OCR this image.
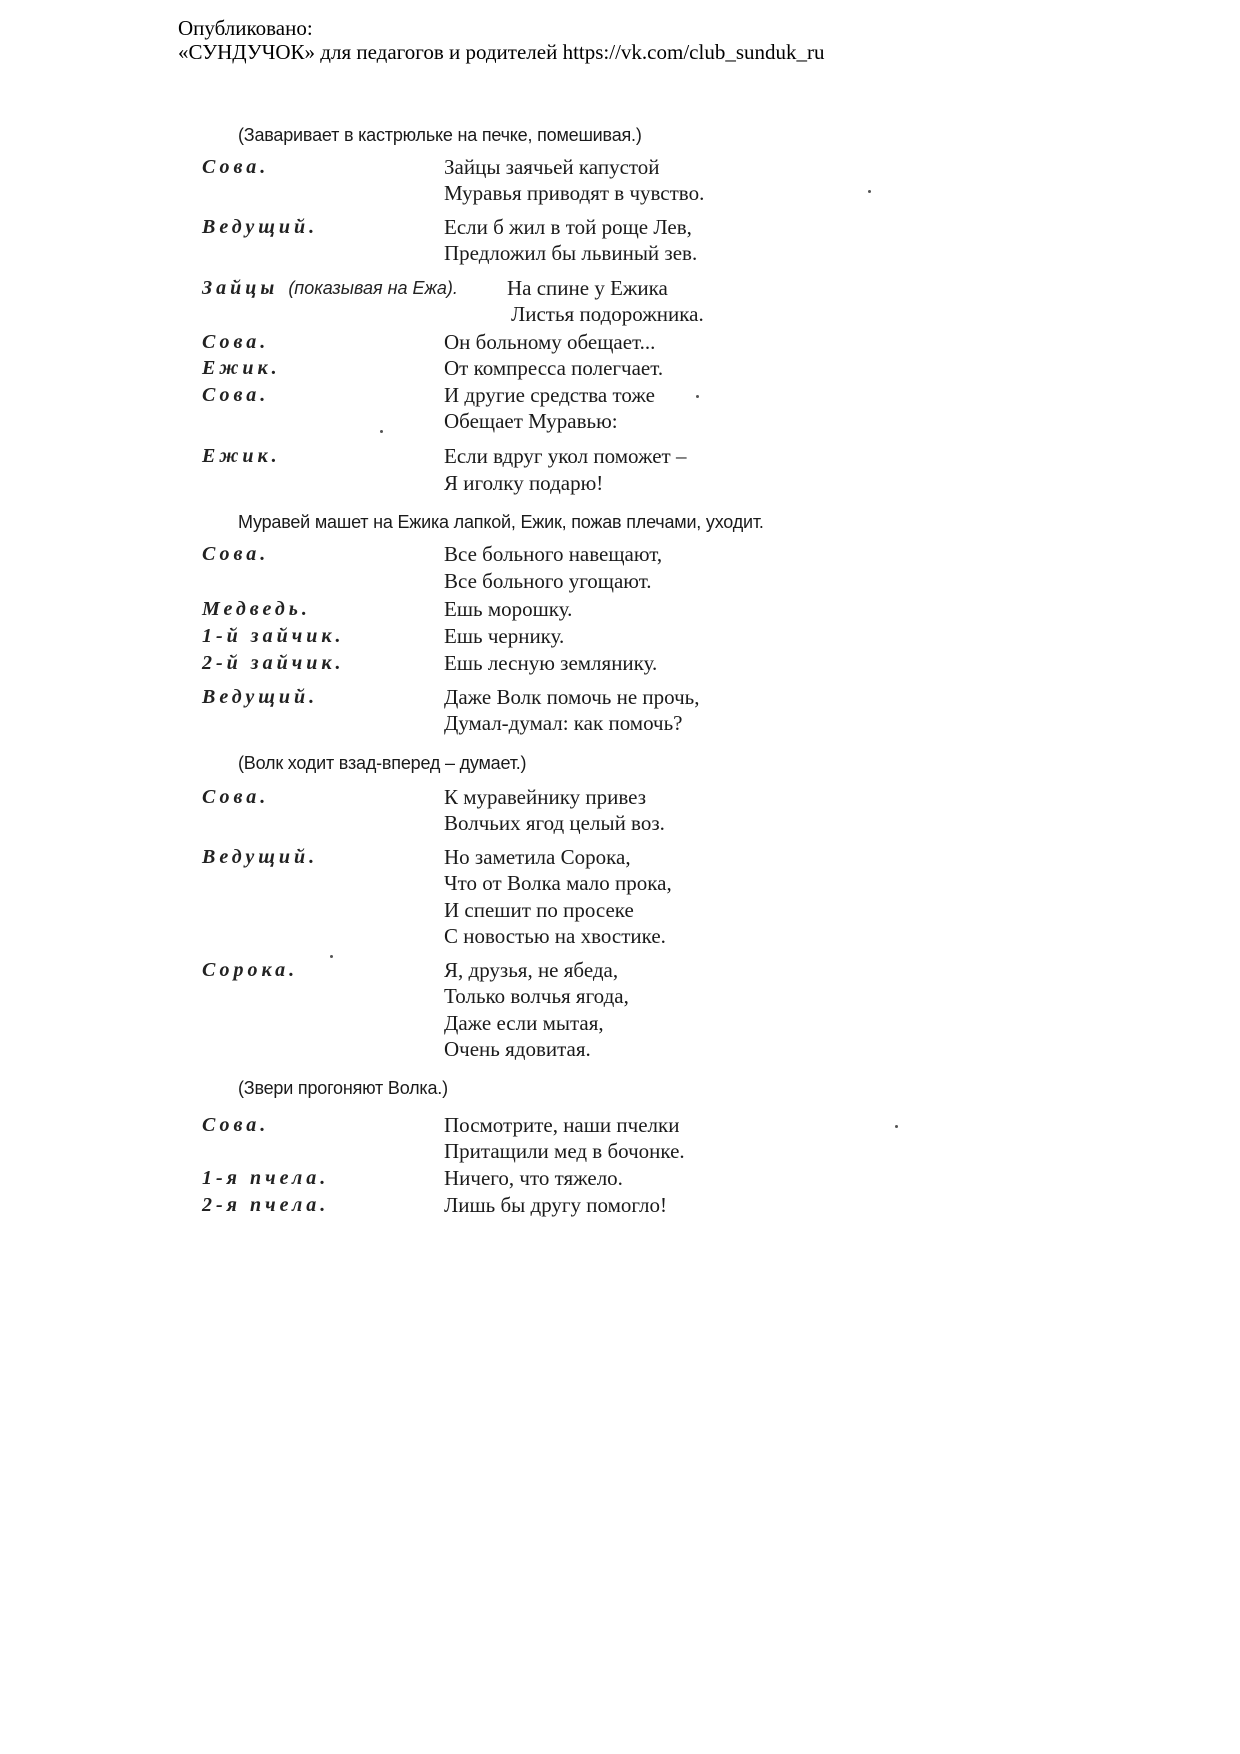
Опубликовано:
«СУНДУЧОК» для педагогов и родителей https://vk.com/club_sunduk_ru
(Заваривает в кастрюльке на печке, помешивая.)
Сова.	Зайцы заячьей капустой
Муравья приводят в чувство.
Ведущий.	Если б жил в той роще Лев,
Предложил бы львиный зев.
Зайцы (показывая на Ежа). На спине у Ежика
Листья подорожника.
Сова.	Он больному обещает...
Ежик.	От компресса полегчает.
Сова.	И другие средства тоже
Обещает Муравью:
Ежик.	Если вдруг укол поможет –
Я иголку подарю!
Муравей машет на Ежика лапкой, Ежик, пожав плечами, уходит.
Сова.	Все больного навещают,
Все больного угощают.
Медведь.	Ешь морошку.
1-й зайчик.	Ешь чернику.
2-й зайчик.	Ешь лесную землянику.
Ведущий.	Даже Волк помочь не прочь,
Думал-думал: как помочь?
(Волк ходит взад-вперед – думает.)
Сова.	К муравейнику привез
Волчьих ягод целый воз.
Ведущий.	Но заметила Сорока,
Что от Волка мало прока,
И спешит по просеке
С новостью на хвостике.
Сорока.	Я, друзья, не ябеда,
Только волчья ягода,
Даже если мытая,
Очень ядовитая.
(Звери прогоняют Волка.)
Сова.	Посмотрите, наши пчелки
Притащили мед в бочонке.
1-я пчела.	Ничего, что тяжело.
2-я пчела.	Лишь бы другу помогло!
